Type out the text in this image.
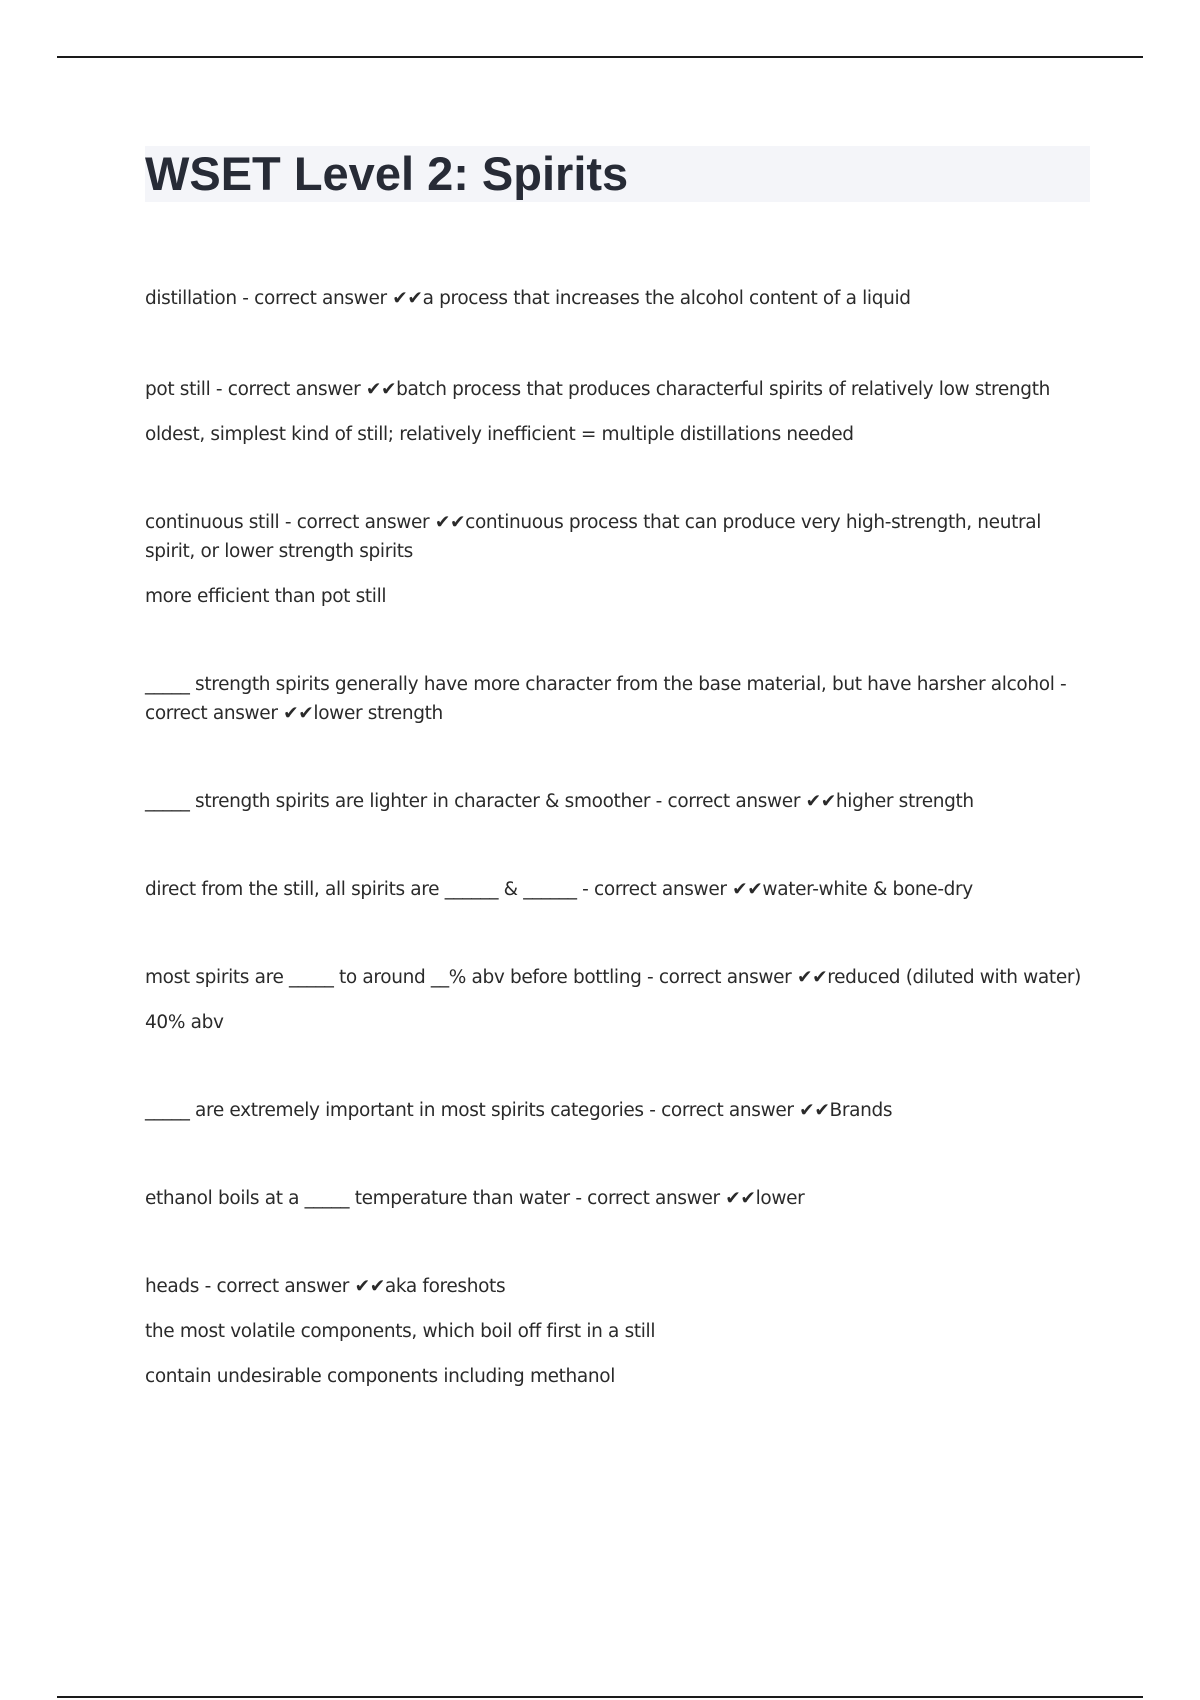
WSET Level 2: Spirits

distillation - correct answer ✔✔a process that increases the alcohol content of a liquid

pot still - correct answer ✔✔batch process that produces characterful spirits of relatively low strength

oldest, simplest kind of still; relatively inefficient = multiple distillations needed

continuous still - correct answer ✔✔continuous process that can produce very high-strength, neutral spirit, or lower strength spirits

more efficient than pot still

_____ strength spirits generally have more character from the base material, but have harsher alcohol - correct answer ✔✔lower strength

_____ strength spirits are lighter in character & smoother - correct answer ✔✔higher strength

direct from the still, all spirits are ______ & ______ - correct answer ✔✔water-white & bone-dry

most spirits are _____ to around __% abv before bottling - correct answer ✔✔reduced (diluted with water)

40% abv

_____ are extremely important in most spirits categories - correct answer ✔✔Brands

ethanol boils at a _____ temperature than water - correct answer ✔✔lower

heads - correct answer ✔✔aka foreshots

the most volatile components, which boil off first in a still

contain undesirable components including methanol
